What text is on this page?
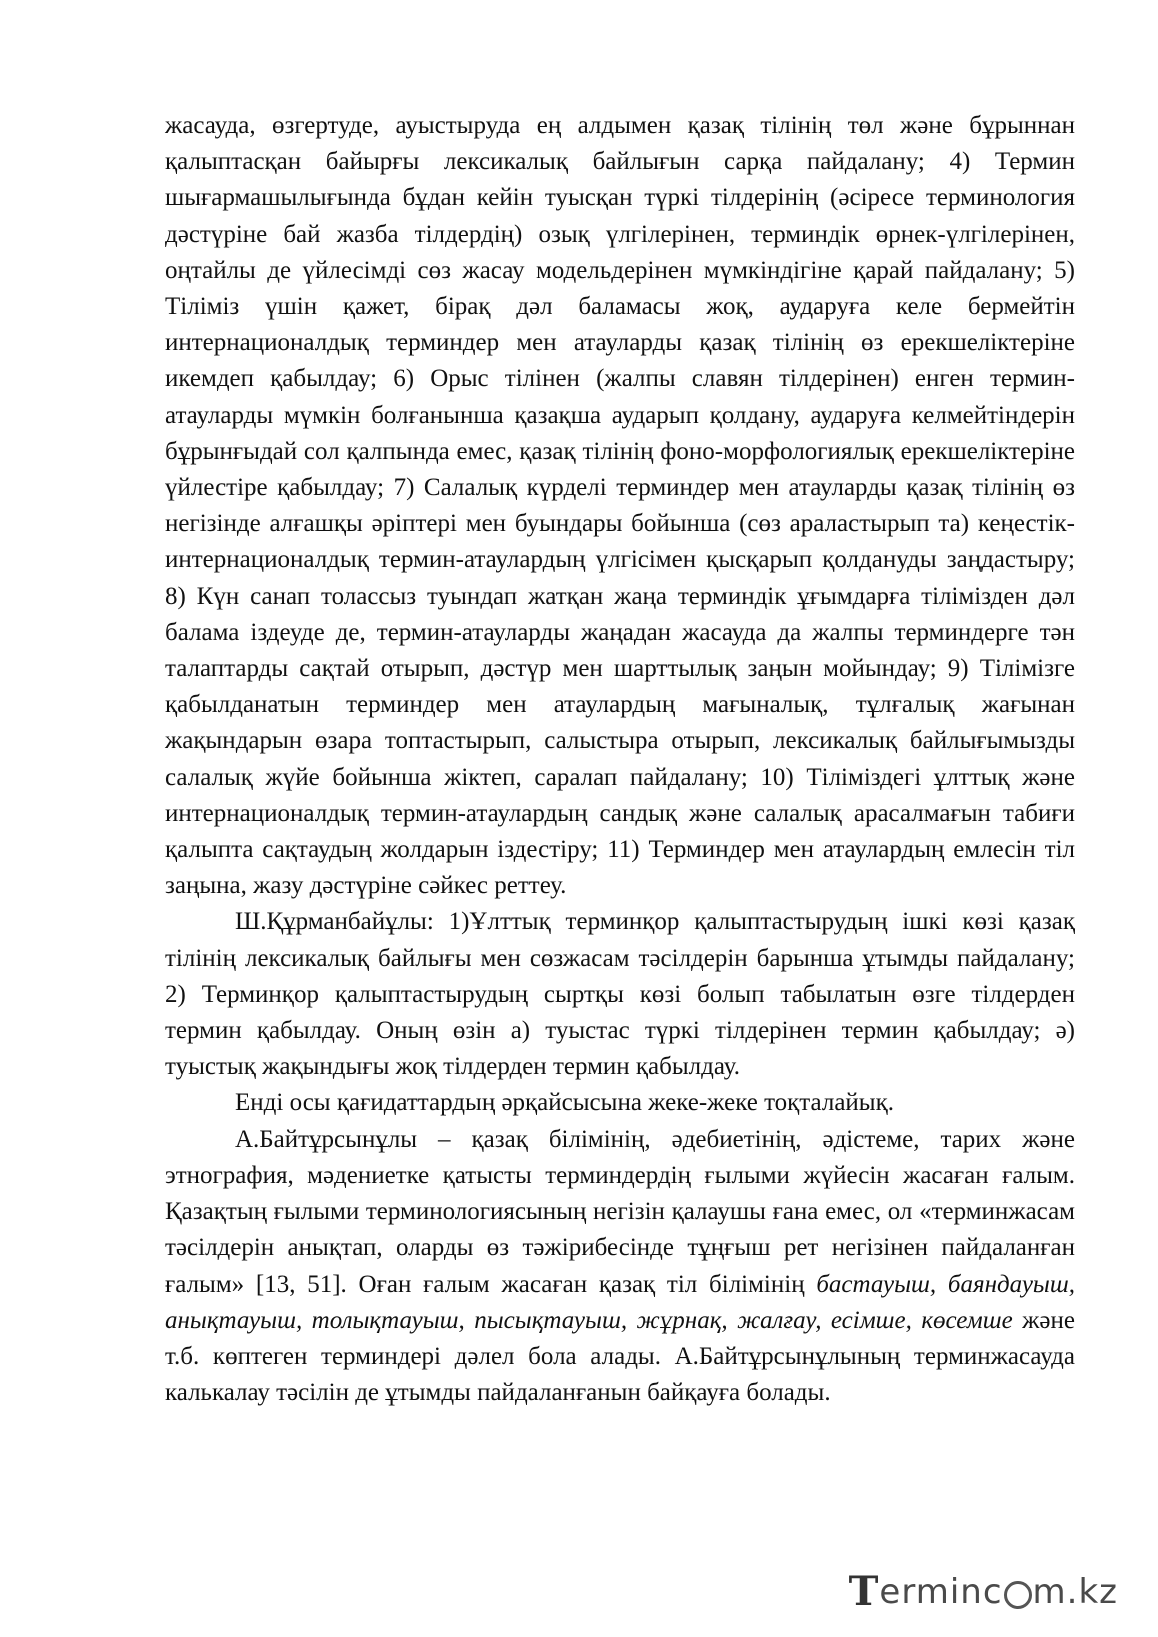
жасауда, өзгертуде, ауыстыруда ең алдымен қазақ тілінің төл және бұрыннан қалыптасқан байырғы лексикалық байлығын сарқа пайдалану; 4) Термин шығармашылығында бұдан кейін туысқан түркі тілдерінің (әсіресе терминология дәстүріне бай жазба тілдердің) озық үлгілерінен, терминдік өрнек-үлгілерінен, оңтайлы де үйлесімді сөз жасау модельдерінен мүмкіндігіне қарай пайдалану; 5) Тіліміз үшін қажет, бірақ дәл баламасы жоқ, аударуға келе бермейтін интернационалдық терминдер мен атауларды қазақ тілінің өз ерекшеліктеріне икемдеп қабылдау; 6) Орыс тілінен (жалпы славян тілдерінен) енген термин-атауларды мүмкін болғанынша қазақша аударып қолдану, аударуға келмейтіндерін бұрынғыдай сол қалпында емес, қазақ тілінің фоно-морфологиялық ерекшеліктеріне үйлестіре қабылдау; 7) Салалық күрделі терминдер мен атауларды қазақ тілінің өз негізінде алғашқы әріптері мен буындары бойынша (сөз араластырып та) кеңестік-интернационалдық термин-атаулардың үлгісімен қысқарып қолдануды заңдастыру; 8) Күн санап толассыз туындап жатқан жаңа терминдік ұғымдарға тілімізден дәл балама іздеуде де, термин-атауларды жаңадан жасауда да жалпы терминдерге тән талаптарды сақтай отырып, дәстүр мен шарттылық заңын мойындау; 9) Тілімізге қабылданатын терминдер мен атаулардың мағыналық, тұлғалық жағынан жақындарын өзара топтастырып, салыстыра отырып, лексикалық байлығымызды салалық жүйе бойынша жіктеп, саралап пайдалану; 10) Тіліміздегі ұлттық және интернационалдық термин-атаулардың сандық және салалық арасалмағын табиғи қалыпта сақтаудың жолдарын іздестіру; 11) Терминдер мен атаулардың емлесін тіл заңына, жазу дәстүріне сәйкес реттеу.

Ш.Құрманбайұлы: 1)Ұлттық терминқор қалыптастырудың ішкі көзі қазақ тілінің лексикалық байлығы мен сөзжасам тәсілдерін барынша ұтымды пайдалану; 2) Терминқор қалыптастырудың сыртқы көзі болып табылатын өзге тілдерден термин қабылдау. Оның өзін а) туыстас түркі тілдерінен термин қабылдау; ә) туыстық жақындығы жоқ тілдерден термин қабылдау.

Енді осы қағидаттардың әрқайсысына жеке-жеке тоқталайық.

А.Байтұрсынұлы – қазақ білімінің, әдебиетінің, әдістеме, тарих және этнография, мәдениетке қатысты терминдердің ғылыми жүйесін жасаған ғалым. Қазақтың ғылыми терминологиясының негізін қалаушы ғана емес, ол «терминжасам тәсілдерін анықтап, оларды өз тәжірибесінде тұңғыш рет негізінен пайдаланған ғалым» [13, 51]. Оған ғалым жасаған қазақ тіл білімінің бастауыш, баяндауыш, анықтауыш, толықтауыш, пысықтауыш, жұрнақ, жалғау, есімше, көсемше және т.б. көптеген терминдері дәлел бола алады. А.Байтұрсынұлының терминжасауда калькалау тәсілін де ұтымды пайдаланғанын байқауға болады.

T erminc m.kz
